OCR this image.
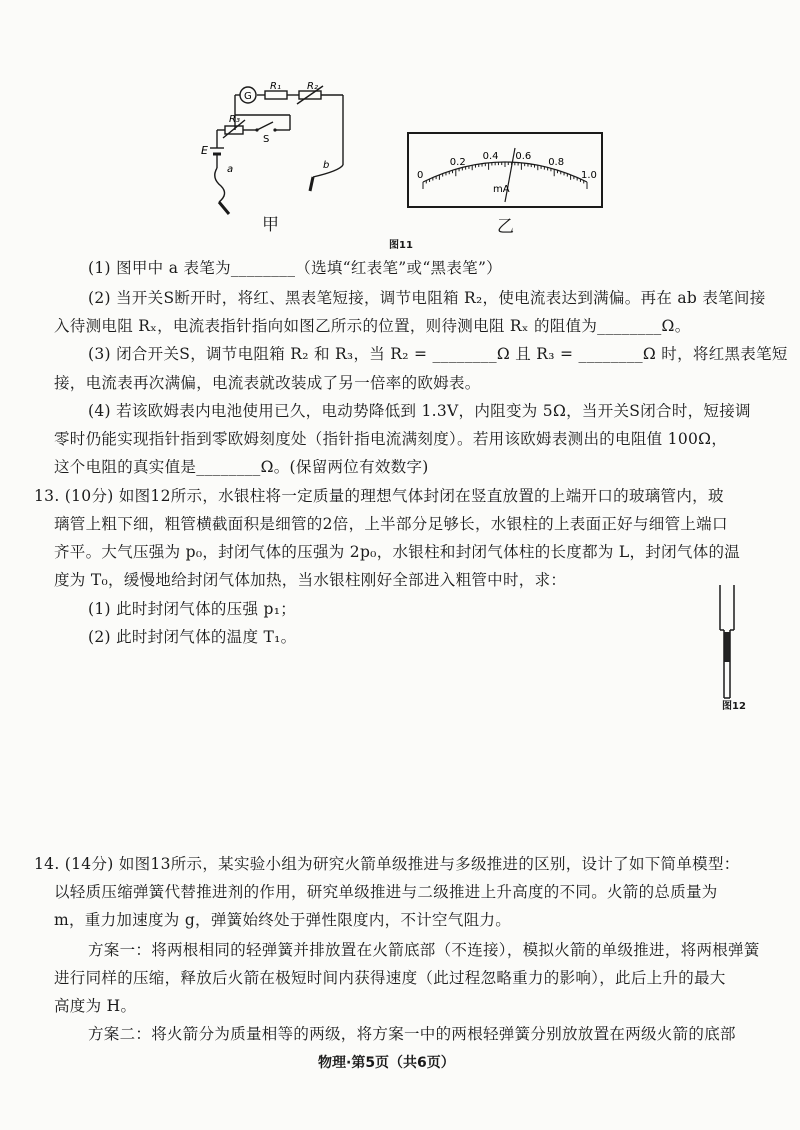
G
R₁	R₂
R₃
S
E
a	b
甲
0
0.2
0.4 0.6
0.8
1.0
mA
乙
图11
(1) 图甲中 a 表笔为________（选填“红表笔”或“黑表笔”）
(2) 当开关S断开时，将红、黑表笔短接，调节电阻箱 R₂，使电流表达到满偏。再在 ab 表笔间接
入待测电阻 Rₓ，电流表指针指向如图乙所示的位置，则待测电阻 Rₓ 的阻值为________Ω。
(3) 闭合开关S，调节电阻箱 R₂ 和 R₃，当 R₂ = ________Ω 且 R₃ = ________Ω 时，将红黑表笔短
接，电流表再次满偏，电流表就改装成了另一倍率的欧姆表。
(4) 若该欧姆表内电池使用已久，电动势降低到 1.3V，内阻变为 5Ω，当开关S闭合时，短接调
零时仍能实现指针指到零欧姆刻度处（指针指电流满刻度）。若用该欧姆表测出的电阻值 100Ω，
这个电阻的真实值是________Ω。(保留两位有效数字)
13. (10分) 如图12所示，水银柱将一定质量的理想气体封闭在竖直放置的上端开口的玻璃管内，玻
璃管上粗下细，粗管横截面积是细管的2倍，上半部分足够长，水银柱的上表面正好与细管上端口
齐平。大气压强为 p₀，封闭气体的压强为 2p₀，水银柱和封闭气体柱的长度都为 L，封闭气体的温
度为 T₀，缓慢地给封闭气体加热，当水银柱刚好全部进入粗管中时，求：
(1) 此时封闭气体的压强 p₁；
(2) 此时封闭气体的温度 T₁。
图12
14. (14分) 如图13所示，某实验小组为研究火箭单级推进与多级推进的区别，设计了如下简单模型：
以轻质压缩弹簧代替推进剂的作用，研究单级推进与二级推进上升高度的不同。火箭的总质量为
m，重力加速度为 g，弹簧始终处于弹性限度内，不计空气阻力。
方案一：将两根相同的轻弹簧并排放置在火箭底部（不连接），模拟火箭的单级推进，将两根弹簧
进行同样的压缩，释放后火箭在极短时间内获得速度（此过程忽略重力的影响），此后上升的最大
高度为 H。
方案二：将火箭分为质量相等的两级，将方案一中的两根轻弹簧分别放放置在两级火箭的底部
物理·第5页（共6页）
